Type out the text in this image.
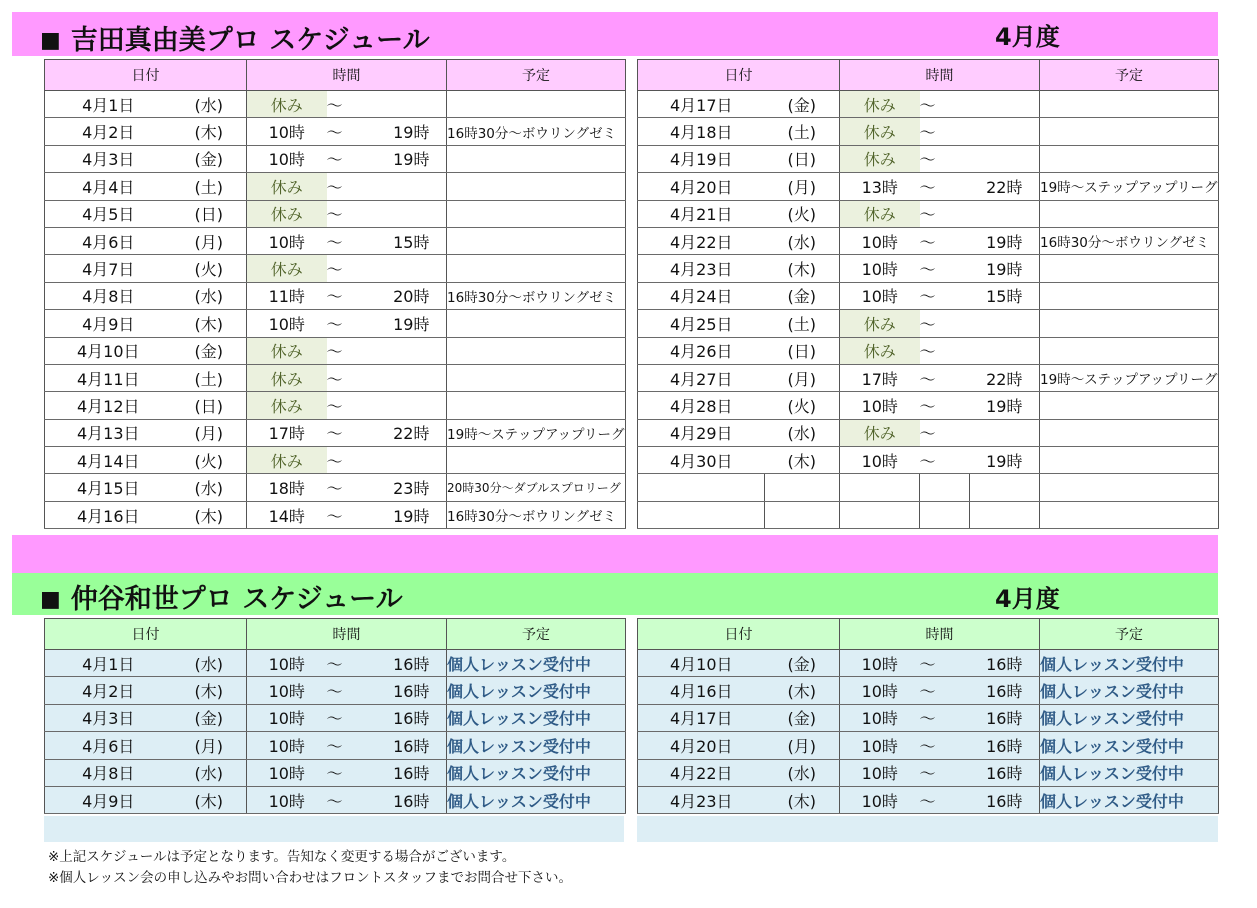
■ 吉田真由美プロ スケジュール	4月度
日付		時間			予定
4月1日	(水)	休み	～		
4月2日	(木)	10時	～	19時	16時30分～ボウリングゼミ
4月3日	(金)	10時	～	19時	
4月4日	(土)	休み	～		
4月5日	(日)	休み	～		
4月6日	(月)	10時	～	15時	
4月7日	(火)	休み	～		
4月8日	(水)	11時	～	20時	16時30分～ボウリングゼミ
4月9日	(木)	10時	～	19時	
4月10日	(金)	休み	～		
4月11日	(土)	休み	～		
4月12日	(日)	休み	～		
4月13日	(月)	17時	～	22時	19時～ステップアップリーグ
4月14日	(火)	休み	～		
4月15日	(水)	18時	～	23時	20時30分～ダブルスプロリーグ
4月16日	(木)	14時	～	19時	16時30分～ボウリングゼミ
日付		時間			予定
4月17日	(金)	休み	～		
4月18日	(土)	休み	～		
4月19日	(日)	休み	～		
4月20日	(月)	13時	～	22時	19時～ステップアップリーグ
4月21日	(火)	休み	～		
4月22日	(水)	10時	～	19時	16時30分～ボウリングゼミ
4月23日	(木)	10時	～	19時	
4月24日	(金)	10時	～	15時	
4月25日	(土)	休み	～		
4月26日	(日)	休み	～		
4月27日	(月)	17時	～	22時	19時～ステップアップリーグ
4月28日	(火)	10時	～	19時	
4月29日	(水)	休み	～		
4月30日	(木)	10時	～	19時	

■ 仲谷和世プロ スケジュール	4月度
日付		時間			予定
4月1日	(水)	10時	～	16時	個人レッスン受付中
4月2日	(木)	10時	～	16時	個人レッスン受付中
4月3日	(金)	10時	～	16時	個人レッスン受付中
4月6日	(月)	10時	～	16時	個人レッスン受付中
4月8日	(水)	10時	～	16時	個人レッスン受付中
4月9日	(木)	10時	～	16時	個人レッスン受付中
日付		時間			予定
4月10日	(金)	10時	～	16時	個人レッスン受付中
4月16日	(木)	10時	～	16時	個人レッスン受付中
4月17日	(金)	10時	～	16時	個人レッスン受付中
4月20日	(月)	10時	～	16時	個人レッスン受付中
4月22日	(水)	10時	～	16時	個人レッスン受付中
4月23日	(木)	10時	～	16時	個人レッスン受付中
※上記スケジュールは予定となります。告知なく変更する場合がございます。
※個人レッスン会の申し込みやお問い合わせはフロントスタッフまでお問合せ下さい。
